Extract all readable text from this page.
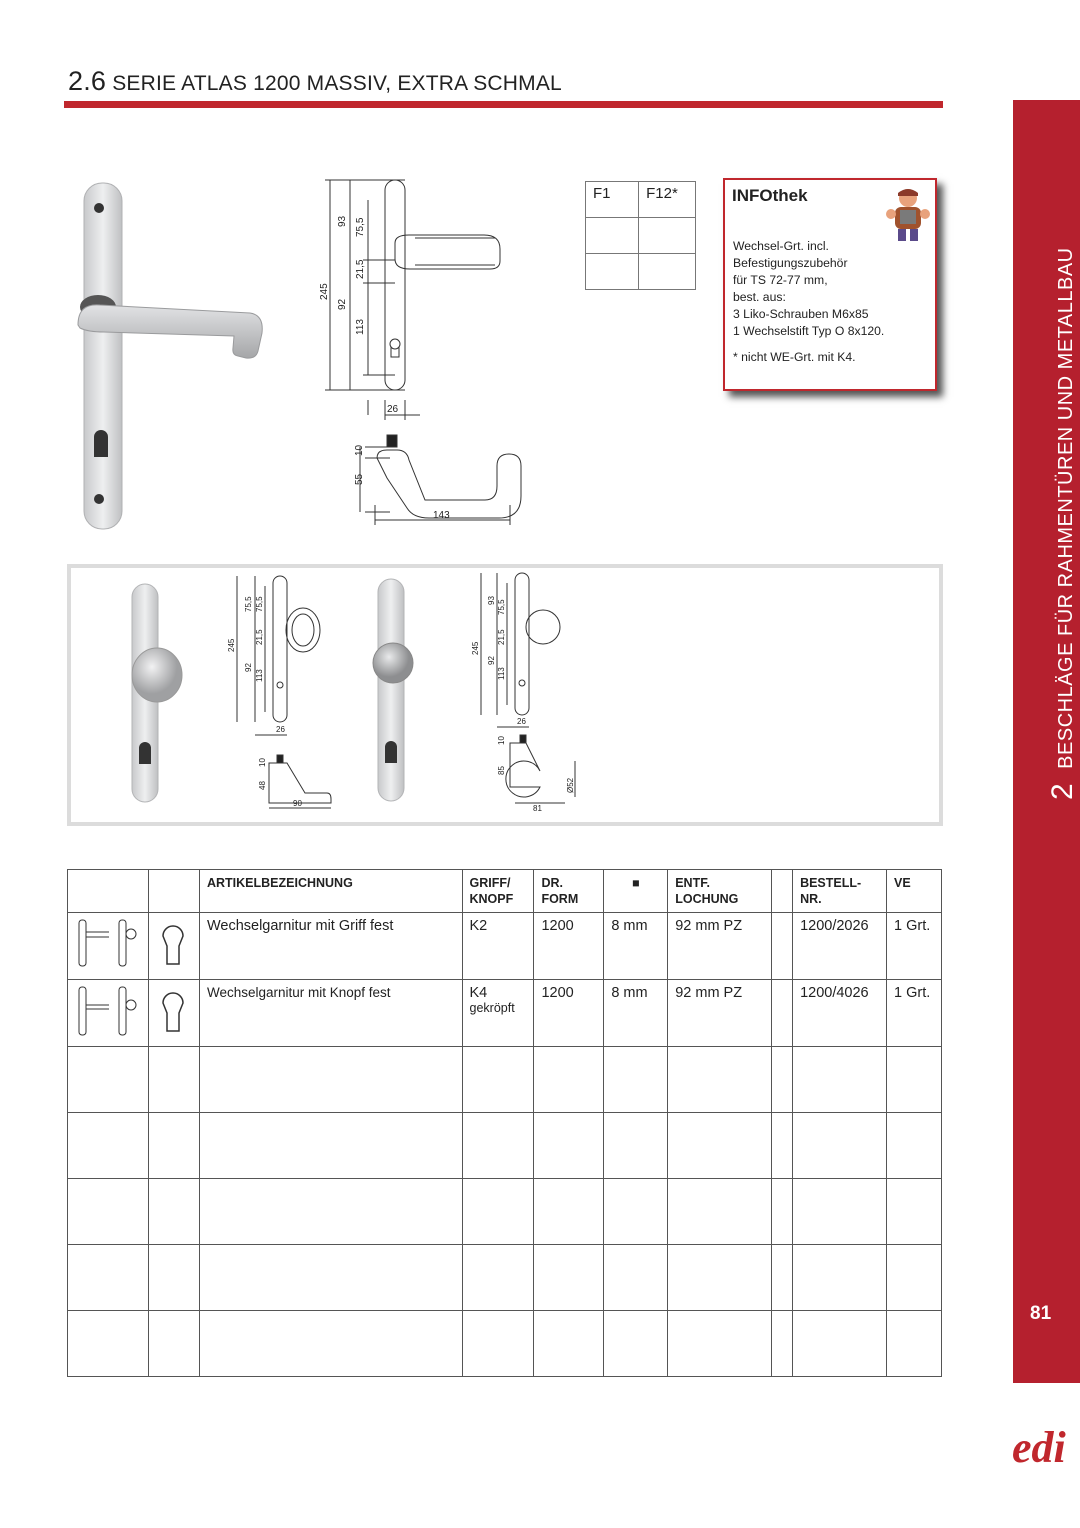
2.6 SERIE ATLAS 1200 MASSIV, EXTRA SCHMAL
2BESCHLÄGE FÜR RAHMENTÜREN UND METALLBAU
81
edi
93 75,5
245
21,5
92
113
26
10
55
143
F1	F12*

		INFOthek
Wechsel-Grt. incl.
Befestigungszubehör
für TS 72-77 mm,
best. aus:
3 Liko-Schrauben M6x85
1 Wechselstift Typ O 8x120.
* nicht WE-Grt. mit K4.
245
75,5 75,5
21,5
92
113
26
10
48
90
245
93 75,5
21,5
92
113
26
10
85
Ø52
81
		ARTIKELBEZEICHNUNG	GRIFF/
KNOPF	DR.
FORM	■	ENTF.
LOCHUNG		BESTELL-
NR.	VE
		Wechselgarnitur mit Griff fest	K2	1200	8 mm	92 mm PZ		1200/2026	1 Grt.
		Wechselgarnitur mit Knopf fest	K4
gekröpft	1200	8 mm	92 mm PZ		1200/4026	1 Grt.
